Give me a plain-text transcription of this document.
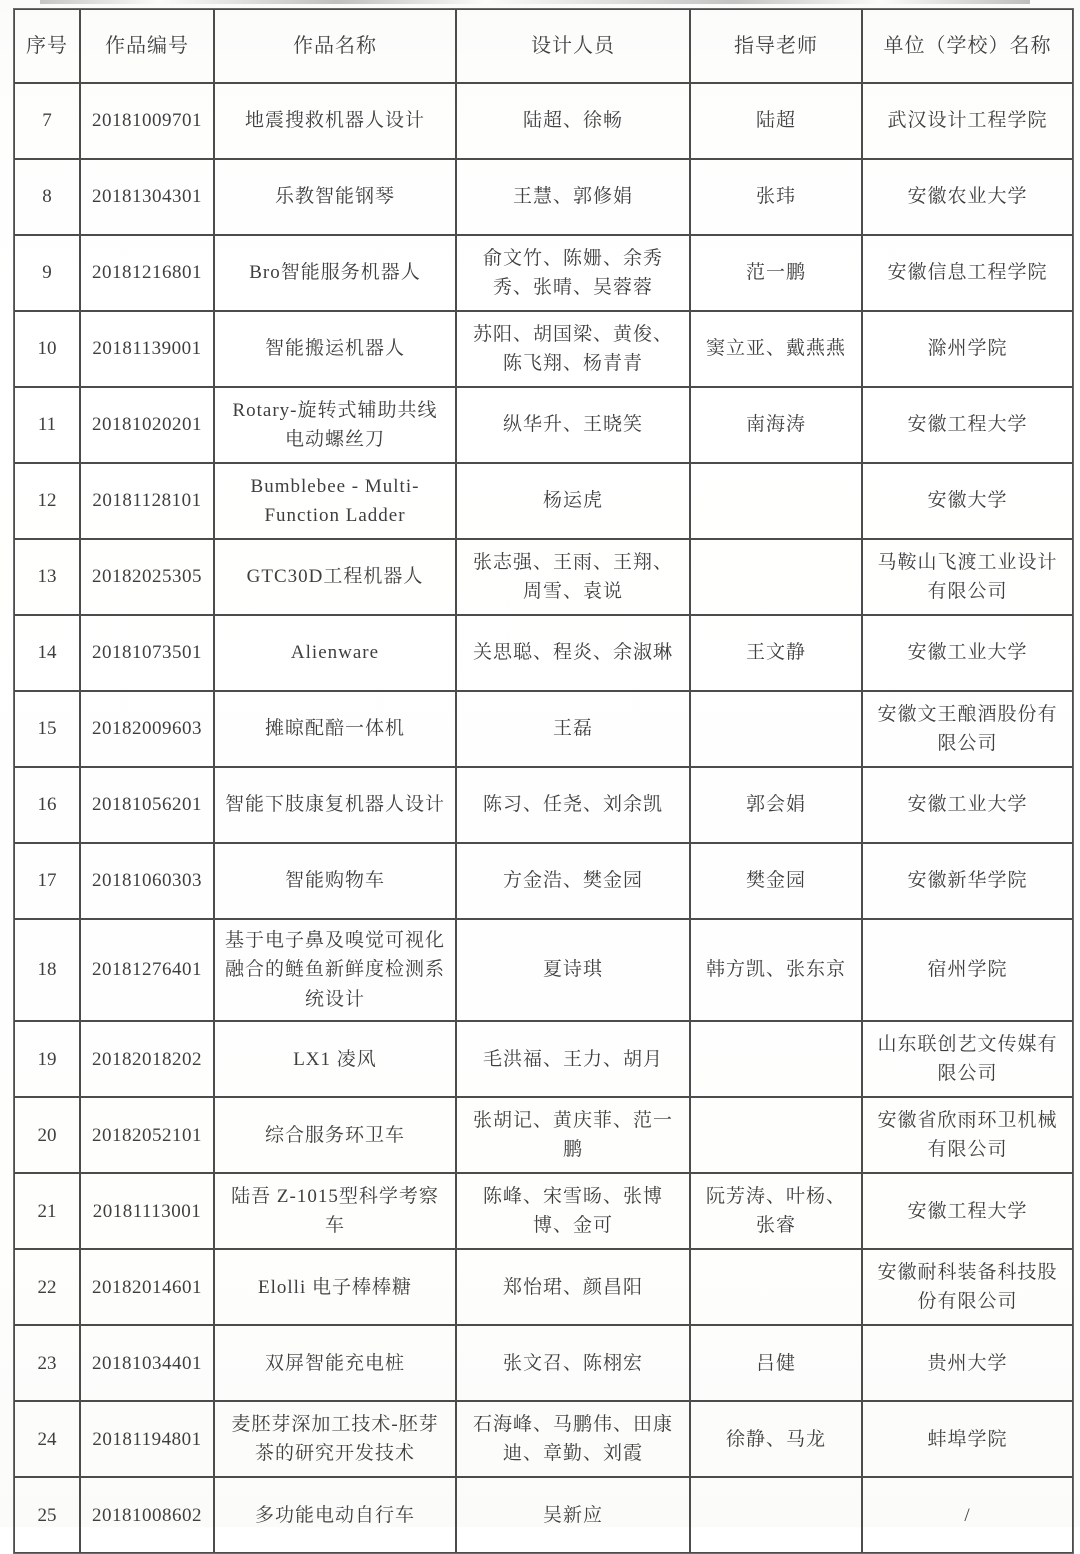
序号	作品编号	作品名称	设计人员	指导老师	单位（学校）名称
7	20181009701	地震搜救机器人设计	陆超、徐畅	陆超	武汉设计工程学院
8	20181304301	乐教智能钢琴	王慧、郭修娟	张玮	安徽农业大学
9	20181216801	Bro智能服务机器人	俞文竹、陈姗、余秀秀、张晴、吴蓉蓉	范一鹏	安徽信息工程学院
10	20181139001	智能搬运机器人	苏阳、胡国梁、黄俊、陈飞翔、杨青青	窦立亚、戴燕燕	滁州学院
11	20181020201	Rotary-旋转式辅助共线电动螺丝刀	纵华升、王晓笑	南海涛	安徽工程大学
12	20181128101	Bumblebee - Multi-Function Ladder	杨运虎		安徽大学
13	20182025305	GTC30D工程机器人	张志强、王雨、王翔、周雪、袁说		马鞍山飞渡工业设计有限公司
14	20181073501	Alienware	关思聪、程炎、余淑琳	王文静	安徽工业大学
15	20182009603	摊晾配醅一体机	王磊		安徽文王酿酒股份有限公司
16	20181056201	智能下肢康复机器人设计	陈习、任尧、刘余凯	郭会娟	安徽工业大学
17	20181060303	智能购物车	方金浩、樊金园	樊金园	安徽新华学院
18	20181276401	基于电子鼻及嗅觉可视化融合的鲢鱼新鲜度检测系统设计	夏诗琪	韩方凯、张东京	宿州学院
19	20182018202	LX1 凌风	毛洪福、王力、胡月		山东联创艺文传媒有限公司
20	20182052101	综合服务环卫车	张胡记、黄庆菲、范一鹏		安徽省欣雨环卫机械有限公司
21	20181113001	陆吾 Z-1015型科学考察车	陈峰、宋雪旸、张博博、金可	阮芳涛、叶杨、张睿	安徽工程大学
22	20182014601	Elolli 电子棒棒糖	郑怡珺、颜昌阳		安徽耐科装备科技股份有限公司
23	20181034401	双屏智能充电桩	张文召、陈栩宏	吕健	贵州大学
24	20181194801	麦胚芽深加工技术-胚芽茶的研究开发技术	石海峰、马鹏伟、田康迪、章勤、刘霞	徐静、马龙	蚌埠学院
25	20181008602	多功能电动自行车	吴新应		/
